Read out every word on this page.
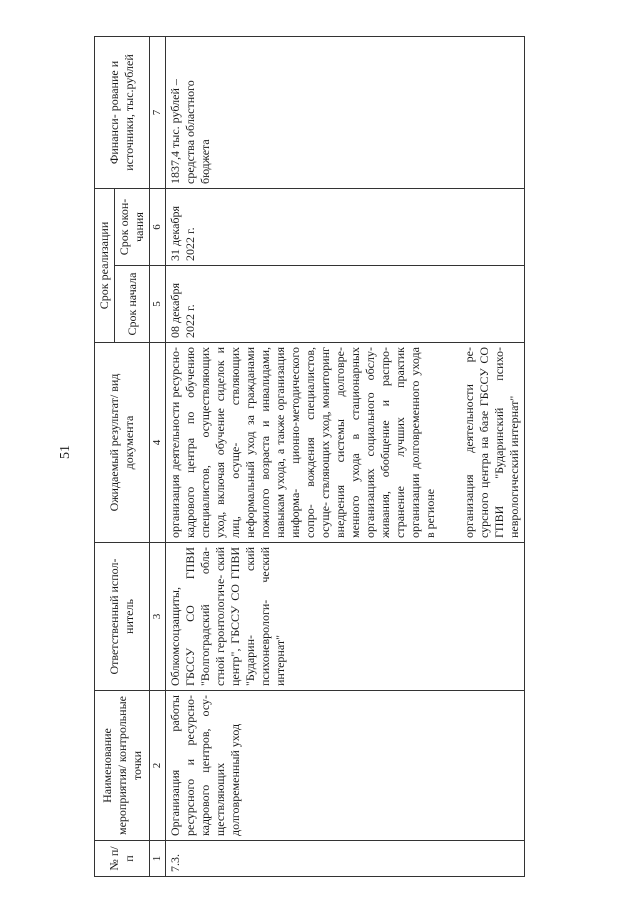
51
№ п/п	Наименование мероприятия/ контрольные точки	Ответственный испол- нитель	Ожидаемый результат/ вид документа	Срок реализации		Финанси- рование и источники, тыс.рублей
				Срок начала	Срок окон- чания	
1	2	3	4	5	6	7
7.3.	Организация работы ресурсного и ресурсно-кадрового центров, осу- ществляющих долговременный уход	Облкомсоцзащиты, ГБССУ СО ГПВИ "Волгоградский обла- стной геронтологиче- ский центр", ГБССУ СО ГПВИ "Бударин- ский психоневрологи- ческий интернат"	организация деятельности ресурсно-кадрового центра по обучению специалистов, осуществляющих уход, включая обучение сиделок и лиц, осуще- ствляющих неформальный уход за гражданами пожилого возраста и инвалидами, навыкам ухода, а также организация информа- ционно-методического сопро- вождения специалистов, осуще- ствляющих уход, мониторинг внедрения системы долговре- менного ухода в стационарных организациях социального обслу- живания, обобщение и распро- странение лучших практик организации долговременного ухода в регионе организация деятельности ре- сурсного центра на базе ГБССУ СО ГПВИ "Бударинский психо- неврологический интернат"	08 декабря 2022 г.	31 декабря 2022 г.	1837,4 тыс. рублей – средства областного бюджета
